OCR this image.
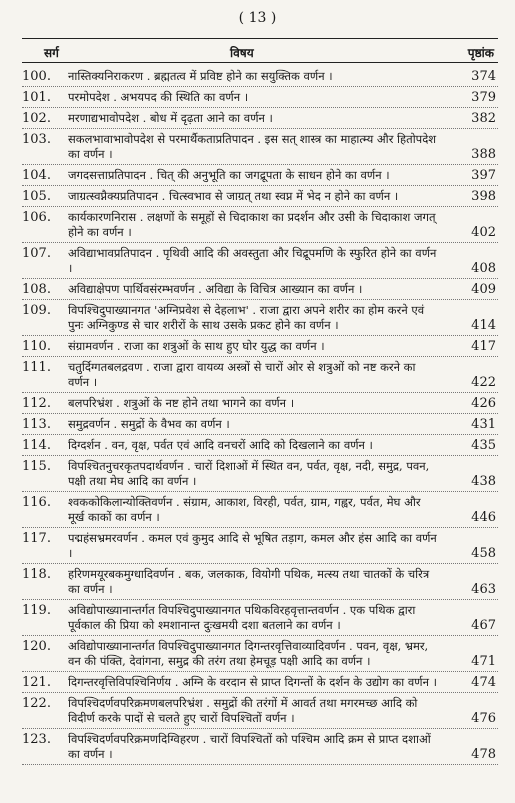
( 13 )
सर्ग	विषय	पृष्ठांक
100.	नास्तिक्यनिराकरण . ब्रह्मतत्व में प्रविष्ट होने का सयुक्तिक वर्णन ।	374
101.	परमोपदेश . अभयपद की स्थिति का वर्णन ।	379
102.	मरणाद्यभावोपदेश . बोध में दृढ़ता आने का वर्णन ।	382
103.	सकलभावाभावोपदेश से परमार्थैकताप्रतिपादन . इस सत् शास्त्र का माहात्म्य और हितोपदेश का वर्णन ।	388
104.	जगदसत्ताप्रतिपादन . चित् की अनुभूति का जगद्रूपता के साधन होने का वर्णन ।	397
105.	जाग्रत्स्वप्नैक्यप्रतिपादन . चित्स्वभाव से जाग्रत् तथा स्वप्न में भेद न होने का वर्णन ।	398
106.	कार्यकारणनिरास . लक्षणों के समूहों से चिदाकाश का प्रदर्शन और उसी के चिदाकाश जगत् होने का वर्णन ।	402
107.	अविद्याभावप्रतिपादन . पृथिवी आदि की अवस्तुता और चिद्रूपमणि के स्फुरित होने का वर्णन ।	408
108.	अविद्याक्षेपण पार्थिवसंरम्भवर्णन . अविद्या के विचित्र आख्यान का वर्णन ।	409
109.	विपश्चिदुपाख्यानगत 'अग्निप्रवेश से देहलाभ' . राजा द्वारा अपने शरीर का होम करने एवं पुनः अग्निकुण्ड से चार शरीरों के साथ उसके प्रकट होने का वर्णन ।	414
110.	संग्रामवर्णन . राजा का शत्रुओं के साथ हुए घोर युद्ध का वर्णन ।	417
111.	चतुर्दिग्गतबलद्रवण . राजा द्वारा वायव्य अस्त्रों से चारों ओर से शत्रुओं को नष्ट करने का वर्णन ।	422
112.	बलपरिभ्रंश . शत्रुओं के नष्ट होने तथा भागने का वर्णन ।	426
113.	समुद्रवर्णन . समुद्रों के वैभव का वर्णन ।	431
114.	दिग्दर्शन . वन, वृक्ष, पर्वत एवं आदि वनचरों आदि को दिखलाने का वर्णन ।	435
115.	विपश्चितनुचरकृतपदार्थवर्णन . चारों दिशाओं में स्थित वन, पर्वत, वृक्ष, नदी, समुद्र, पवन, पक्षी तथा मेघ आदि का वर्णन ।	438
116.	श्वककोकिलान्योक्तिवर्णन . संग्राम, आकाश, विरही, पर्वत, ग्राम, गह्वर, पर्वत, मेघ और मूर्ख काकों का वर्णन ।	446
117.	पद्महंसभ्रमरवर्णन . कमल एवं कुमुद आदि से भूषित तड़ाग, कमल और हंस आदि का वर्णन ।	458
118.	हरिणमयूरबकमुग्धादिवर्णन . बक, जलकाक, वियोगी पथिक, मत्स्य तथा चातकों के चरित्र का वर्णन ।	463
119.	अविद्योपाख्यानान्तर्गत विपश्चिदुपाख्यानगत पथिकविरहवृत्तान्तवर्णन . एक पथिक द्वारा पूर्वकाल की प्रिया को श्मशानान्त दुःखमयी दशा बतलाने का वर्णन ।	467
120.	अविद्योपाख्यानान्तर्गत विपश्चिदुपाख्यानगत दिगन्तरवृत्तिवाव्यादिवर्णन . पवन, वृक्ष, भ्रमर, वन की पंक्ति, देवांगना, समुद्र की तरंग तथा हेमचूड़ पक्षी आदि का वर्णन ।	471
121.	दिगन्तरवृत्तिविपश्चिनिर्णय . अग्नि के वरदान से प्राप्त दिगन्तों के दर्शन के उद्योग का वर्णन ।	474
122.	विपश्चिदर्णवपरिक्रमणबलपरिभ्रंश . समुद्रों की तरंगों में आवर्त तथा मगरमच्छ आदि को विदीर्ण करके पादों से चलते हुए चारों विपश्चितों वर्णन ।	476
123.	विपश्चिदर्णवपरिक्रमणदिग्विहरण . चारों विपश्चितों को पश्चिम आदि क्रम से प्राप्त दशाओं का वर्णन ।	478
